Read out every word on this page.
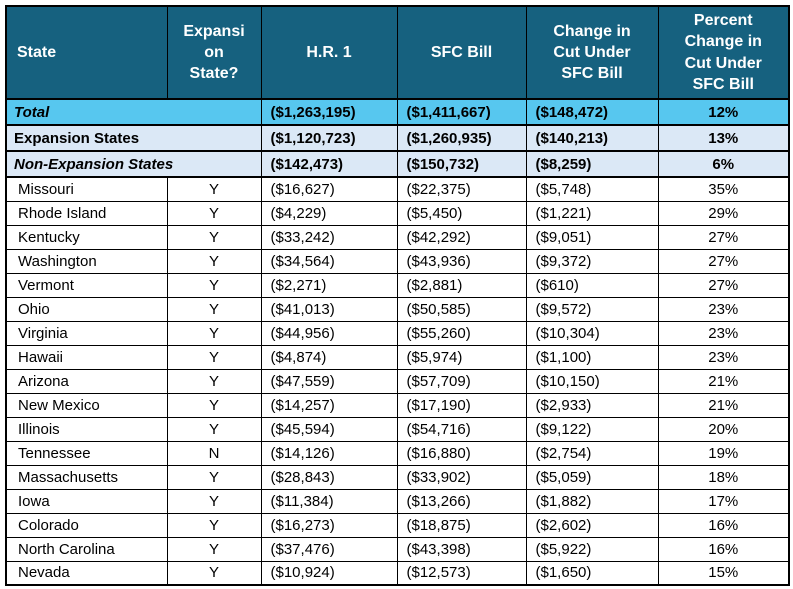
State	Expansion State?	H.R. 1	SFC Bill	Change in Cut Under SFC Bill	Percent Change in Cut Under SFC Bill

Total		($1,263,195)	($1,411,667)	($148,472)	12%
Expansion States		($1,120,723)	($1,260,935)	($140,213)	13%
Non-Expansion States		($142,473)	($150,732)	($8,259)	6%
Missouri	Y	($16,627)	($22,375)	($5,748)	35%
Rhode Island	Y	($4,229)	($5,450)	($1,221)	29%
Kentucky	Y	($33,242)	($42,292)	($9,051)	27%
Washington	Y	($34,564)	($43,936)	($9,372)	27%
Vermont	Y	($2,271)	($2,881)	($610)	27%
Ohio	Y	($41,013)	($50,585)	($9,572)	23%
Virginia	Y	($44,956)	($55,260)	($10,304)	23%
Hawaii	Y	($4,874)	($5,974)	($1,100)	23%
Arizona	Y	($47,559)	($57,709)	($10,150)	21%
New Mexico	Y	($14,257)	($17,190)	($2,933)	21%
Illinois	Y	($45,594)	($54,716)	($9,122)	20%
Tennessee	N	($14,126)	($16,880)	($2,754)	19%
Massachusetts	Y	($28,843)	($33,902)	($5,059)	18%
Iowa	Y	($11,384)	($13,266)	($1,882)	17%
Colorado	Y	($16,273)	($18,875)	($2,602)	16%
North Carolina	Y	($37,476)	($43,398)	($5,922)	16%
Nevada	Y	($10,924)	($12,573)	($1,650)	15%
